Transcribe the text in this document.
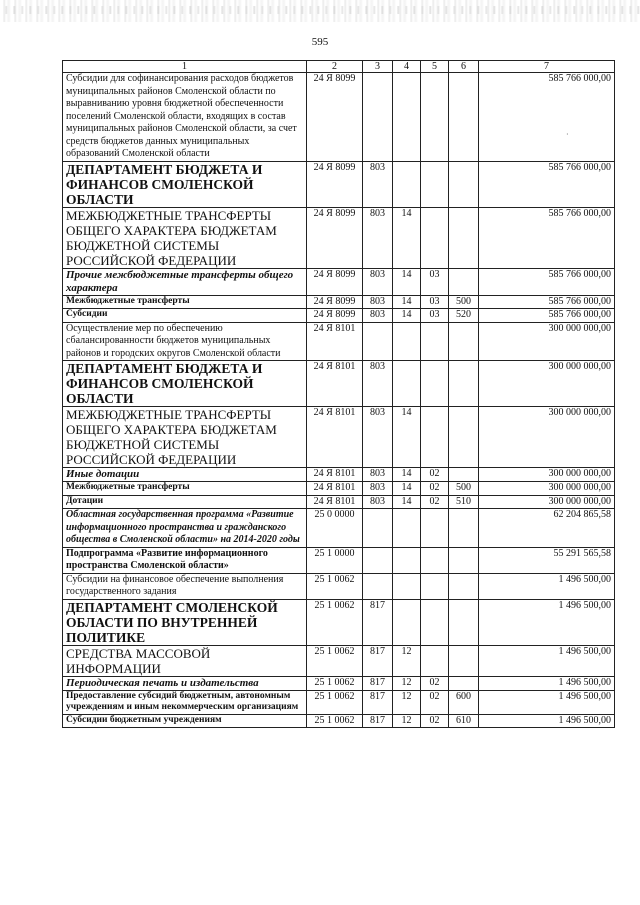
595
·
1	2	3	4	5	6	7
Субсидии для софинансирования расходов бюджетов муниципальных районов Смоленской области по выравниванию уровня бюджетной обеспеченности поселений Смоленской области, входящих в состав муниципальных районов Смоленской области, за счет средств бюджетов данных муниципальных образований Смоленской области	24 Я 8099					585 766 000,00
ДЕПАРТАМЕНТ БЮДЖЕТА И ФИНАНСОВ СМОЛЕНСКОЙ ОБЛАСТИ	24 Я 8099	803				585 766 000,00
МЕЖБЮДЖЕТНЫЕ ТРАНСФЕРТЫ ОБЩЕГО ХАРАКТЕРА БЮДЖЕТАМ БЮДЖЕТНОЙ СИСТЕМЫ РОССИЙСКОЙ ФЕДЕРАЦИИ	24 Я 8099	803	14			585 766 000,00
Прочие межбюджетные трансферты общего характера	24 Я 8099	803	14	03		585 766 000,00
Межбюджетные трансферты	24 Я 8099	803	14	03	500	585 766 000,00
Субсидии	24 Я 8099	803	14	03	520	585 766 000,00
Осуществление мер по обеспечению сбалансированности бюджетов муниципальных районов и городских округов Смоленской области	24 Я 8101					300 000 000,00
ДЕПАРТАМЕНТ БЮДЖЕТА И ФИНАНСОВ СМОЛЕНСКОЙ ОБЛАСТИ	24 Я 8101	803				300 000 000,00
МЕЖБЮДЖЕТНЫЕ ТРАНСФЕРТЫ ОБЩЕГО ХАРАКТЕРА БЮДЖЕТАМ БЮДЖЕТНОЙ СИСТЕМЫ РОССИЙСКОЙ ФЕДЕРАЦИИ	24 Я 8101	803	14			300 000 000,00
Иные дотации	24 Я 8101	803	14	02		300 000 000,00
Межбюджетные трансферты	24 Я 8101	803	14	02	500	300 000 000,00
Дотации	24 Я 8101	803	14	02	510	300 000 000,00
Областная государственная программа «Развитие информационного пространства и гражданского общества в Смоленской области» на 2014-2020 годы	25 0 0000					62 204 865,58
Подпрограмма «Развитие информационного пространства Смоленской области»	25 1 0000					55 291 565,58
Субсидии на финансовое обеспечение выполнения государственного задания	25 1 0062					1 496 500,00
ДЕПАРТАМЕНТ СМОЛЕНСКОЙ ОБЛАСТИ ПО ВНУТРЕННЕЙ ПОЛИТИКЕ	25 1 0062	817				1 496 500,00
СРЕДСТВА МАССОВОЙ ИНФОРМАЦИИ	25 1 0062	817	12			1 496 500,00
Периодическая печать и издательства	25 1 0062	817	12	02		1 496 500,00
Предоставление субсидий бюджетным, автономным учреждениям и иным некоммерческим организациям	25 1 0062	817	12	02	600	1 496 500,00
Субсидии бюджетным учреждениям	25 1 0062	817	12	02	610	1 496 500,00
